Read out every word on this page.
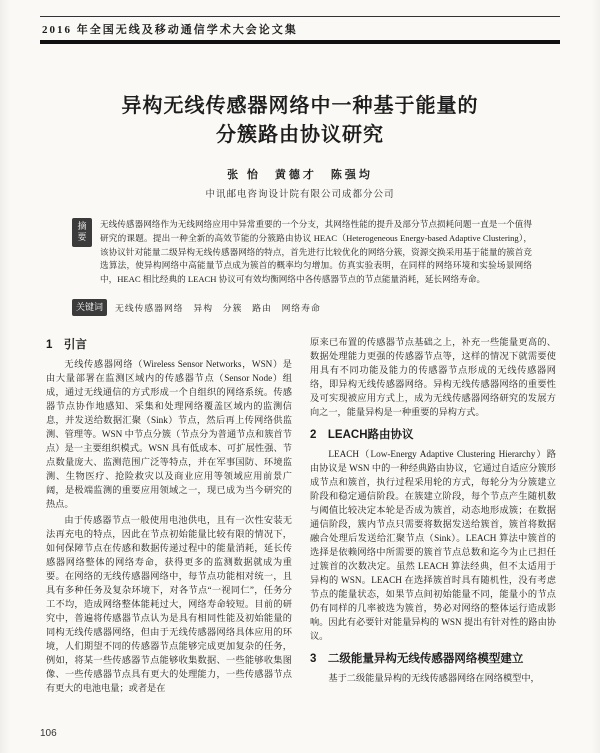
2016 年全国无线及移动通信学术大会论文集
异构无线传感器网络中一种基于能量的
分簇路由协议研究
张 怡　黄德才　陈强均
中讯邮电咨询设计院有限公司成都分公司
摘要
无线传感器网络作为无线网络应用中异常重要的一个分支，其网络性能的提升及部分节点损耗问题一直是一个值得研究的课题。提出一种全新的高效节能的分簇路由协议 HEAC（Heterogeneous Energy-based Adaptive Clustering），该协议针对能量二级异构无线传感器网络的特点，首先进行比较优化的网络分簇，资源交换采用基于能量的簇首竞选算法，使异构网络中高能量节点成为簇首的概率均匀增加。仿真实验表明，在同样的网络环境和实验场景网络中，HEAC 相比经典的 LEACH 协议可有效均衡网络中各传感器节点的节点能量消耗，延长网络寿命。
关键词	无线传感器网络　异构　分簇　路由　网络寿命
1　引言

无线传感器网络（Wireless Sensor Networks，WSN）是由大量部署在监测区域内的传感器节点（Sensor Node）组成，通过无线通信的方式形成一个自组织的网络系统。传感器节点协作地感知、采集和处理网络覆盖区域内的监测信息，并发送给数据汇聚（Sink）节点，然后再上传网络供监测、管理等。WSN 中节点分簇（节点分为普通节点和簇首节点）是一主要组织模式。WSN 具有低成本、可扩展性强、节点数量庞大、监测范围广泛等特点，并在军事国防、环境监测、生物医疗、抢险救灾以及商业应用等领域应用前景广阔，是极端监测的重要应用领域之一，现已成为当今研究的热点。

由于传感器节点一般使用电池供电，且有一次性安装无法再充电的特点，因此在节点初始能量比较有限的情况下，如何保障节点在传感和数据传递过程中的能量消耗，延长传感器网络整体的网络寿命，获得更多的监测数据就成为重要。在网络的无线传感器网络中，每节点功能相对统一，且具有多种任务及复杂环境下，对各节点“一视同仁”，任务分工不均，造成网络整体能耗过大，网络寿命较短。目前的研究中，普遍将传感器节点认为是具有相同性能及初始能量的同构无线传感器网络，但由于无线传感器网络具体应用的环境，人们期望不同的传感器节点能够完成更加复杂的任务，例如，将某一些传感器节点能够收集数据、一些能够收集图像、一些传感器节点具有更大的处理能力，一些传感器节点有更大的电池电量；或者是在

原来已布置的传感器节点基础之上，补充一些能量更高的、数据处理能力更强的传感器节点等，这样的情况下就需要使用具有不同功能及能力的传感器节点形成的无线传感器网络，即异构无线传感器网络。异构无线传感器网络的重要性及可实现被应用方式上，成为无线传感器网络研究的发展方向之一，能量异构是一种重要的异构方式。

2　LEACH路由协议

LEACH（Low-Energy Adaptive Clustering Hierarchy）路由协议是 WSN 中的一种经典路由协议，它通过自适应分簇形成节点和簇首，执行过程采用轮的方式，每轮分为分簇建立阶段和稳定通信阶段。在簇建立阶段，每个节点产生随机数与阈值比较决定本轮是否成为簇首，动态地形成簇；在数据通信阶段，簇内节点只需要将数据发送给簇首，簇首将数据融合处理后发送给汇聚节点（Sink）。LEACH 算法中簇首的选择是依赖网络中所需要的簇首节点总数和迄今为止已担任过簇首的次数决定。虽然 LEACH 算法经典，但不太适用于异构的 WSN。LEACH 在选择簇首时具有随机性，没有考虑节点的能量状态，如果节点间初始能量不同，能量小的节点仍有同样的几率被选为簇首，势必对网络的整体运行造成影响。因此有必要针对能量异构的 WSN 提出有针对性的路由协议。

3　二级能量异构无线传感器网络模型建立

基于二级能量异构的无线传感器网络在网络模型中，

106
